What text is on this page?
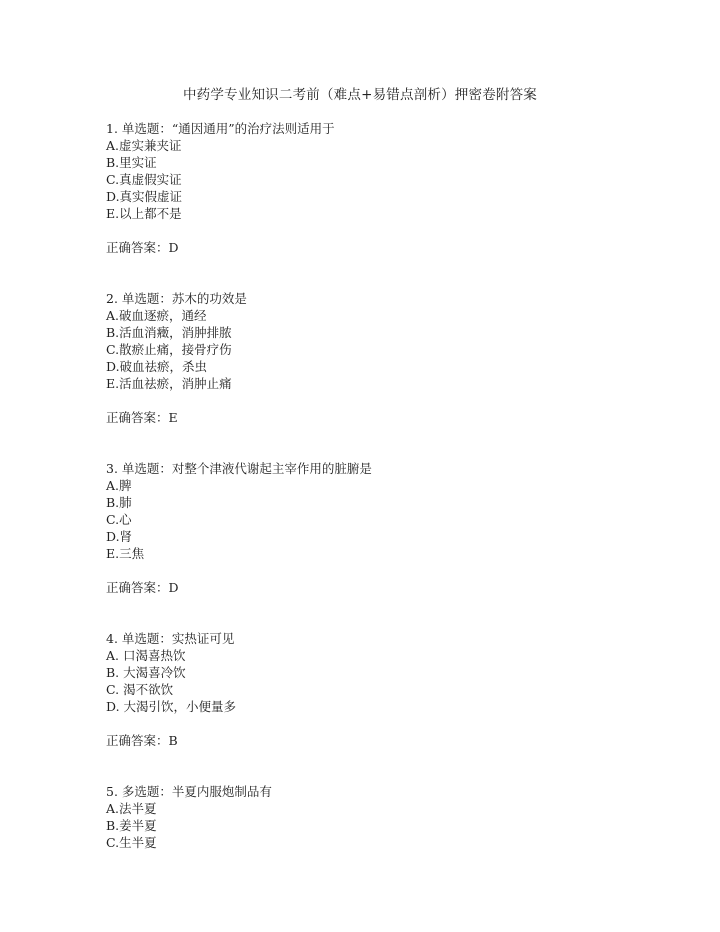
中药学专业知识二考前（难点+易错点剖析）押密卷附答案
1. 单选题：“通因通用”的治疗法则适用于
A.虚实兼夹证
B.里实证
C.真虚假实证
D.真实假虚证
E.以上都不是
正确答案：D
2. 单选题：苏木的功效是
A.破血逐瘀，通经
B.活血消癥，消肿排脓
C.散瘀止痛，接骨疗伤
D.破血祛瘀，杀虫
E.活血祛瘀，消肿止痛
正确答案：E
3. 单选题：对整个津液代谢起主宰作用的脏腑是
A.脾
B.肺
C.心
D.肾
E.三焦
正确答案：D
4. 单选题：实热证可见
A. 口渴喜热饮
B. 大渴喜冷饮
C. 渴不欲饮
D. 大渴引饮，小便量多
正确答案：B
5. 多选题：半夏内服炮制品有
A.法半夏
B.姜半夏
C.生半夏
